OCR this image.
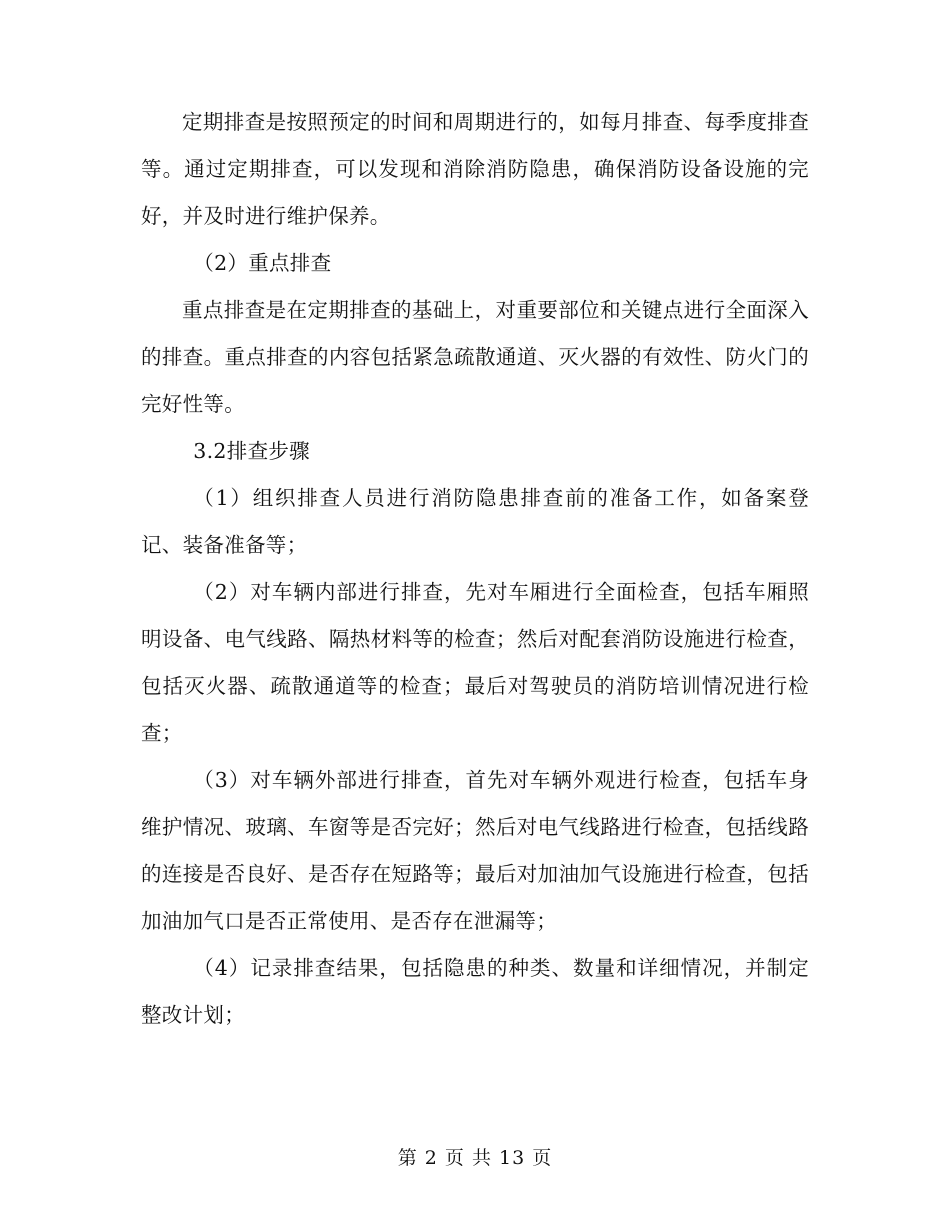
定期排查是按照预定的时间和周期进行的，如每月排查、每季度排查等。通过定期排查，可以发现和消除消防隐患，确保消防设备设施的完好，并及时进行维护保养。

（2）重点排查

重点排查是在定期排查的基础上，对重要部位和关键点进行全面深入的排查。重点排查的内容包括紧急疏散通道、灭火器的有效性、防火门的完好性等。

3.2排查步骤

（1）组织排查人员进行消防隐患排查前的准备工作，如备案登记、装备准备等；

（2）对车辆内部进行排查，先对车厢进行全面检查，包括车厢照明设备、电气线路、隔热材料等的检查；然后对配套消防设施进行检查，包括灭火器、疏散通道等的检查；最后对驾驶员的消防培训情况进行检查；

（3）对车辆外部进行排查，首先对车辆外观进行检查，包括车身维护情况、玻璃、车窗等是否完好；然后对电气线路进行检查，包括线路的连接是否良好、是否存在短路等；最后对加油加气设施进行检查，包括加油加气口是否正常使用、是否存在泄漏等；

（4）记录排查结果，包括隐患的种类、数量和详细情况，并制定整改计划；

第 2 页 共 13 页
